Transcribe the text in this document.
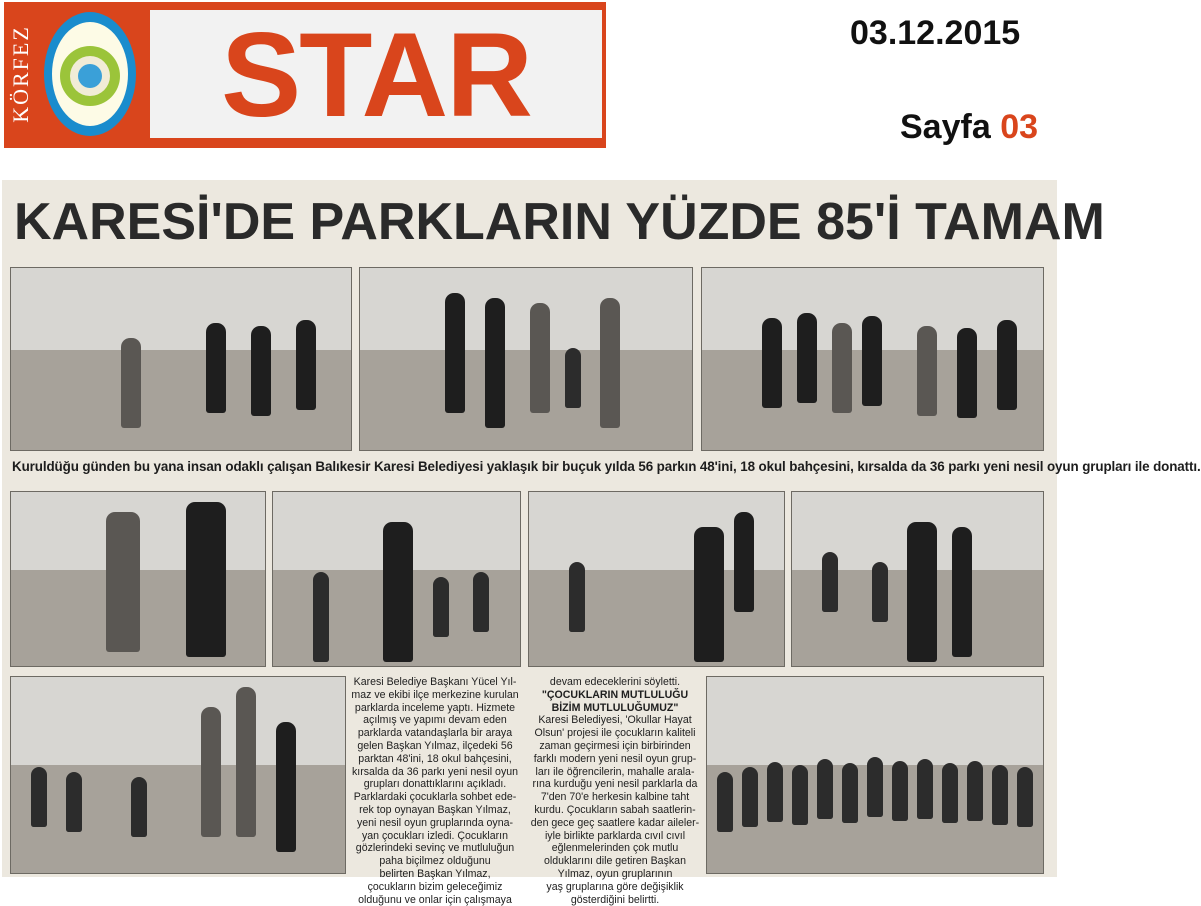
KÖRFEZ	STAR	03.12.2015
Sayfa 03
KARESİ'DE PARKLARIN YÜZDE 85'İ TAMAM
Kuruldüğu günden bu yana insan odaklı çalışan Balıkesir Karesi Belediyesi yaklaşık bir buçuk yılda 56 parkın 48'ini, 18 okul bahçesini, kırsalda da 36 parkı yeni nesil oyun grupları ile donattı.
Karesi Belediye Başkanı Yücel Yıl-
maz ve ekibi ilçe merkezine kurulan
parklarda inceleme yaptı. Hizmete
açılmış ve yapımı devam eden
parklarda vatandaşlarla bir araya
gelen Başkan Yılmaz, ilçedeki 56
parktan 48'ini, 18 okul bahçesini,
kırsalda da 36 parkı yeni nesil oyun
grupları donattıklarını açıkladı.
Parklardaki çocuklarla sohbet ede-
rek top oynayan Başkan Yılmaz,
yeni nesil oyun gruplarında oyna-
yan çocukları izledi. Çocukların
gözlerindeki sevinç ve mutluluğun
paha biçilmez olduğunu
belirten Başkan Yılmaz,
çocukların bizim geleceğimiz
olduğunu ve onlar için çalışmaya
devam edeceklerini söyletti.
"ÇOCUKLARIN MUTLULUĞU
BİZİM MUTLULUĞUMUZ"
Karesi Belediyesi, 'Okullar Hayat
Olsun' projesi ile çocukların kaliteli
zaman geçirmesi için birbirinden
farklı modern yeni nesil oyun grup-
ları ile öğrencilerin, mahalle arala-
rına kurduğu yeni nesil parklarla da
7'den 70'e herkesin kalbine taht
kurdu. Çocukların sabah saatlerin-
den gece geç saatlere kadar aileler-
iyle birlikte parklarda cıvıl cıvıl
eğlenmelerinden çok mutlu
olduklarını dile getiren Başkan
Yılmaz, oyun gruplarının
yaş gruplarına göre değişiklik
gösterdiğini belirtti.
